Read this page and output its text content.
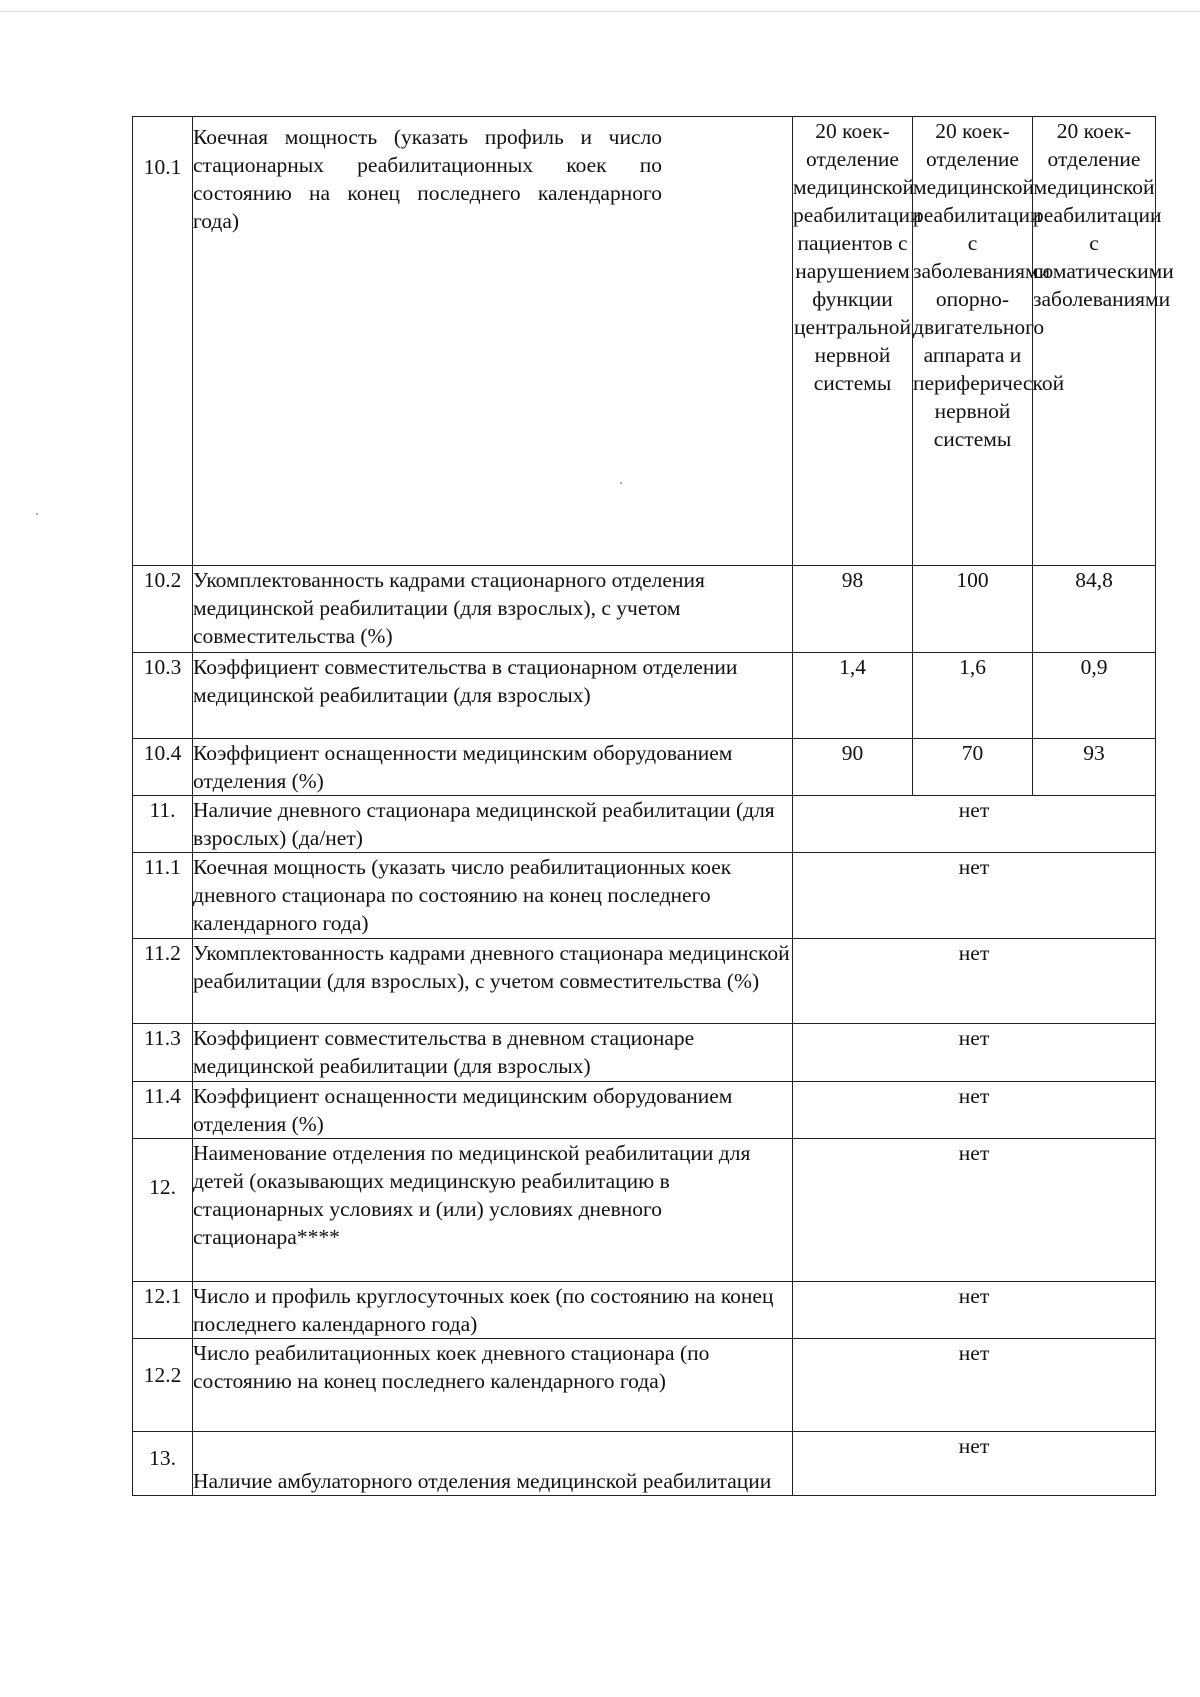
10.1	Коечная мощность (указать профиль и число стационарных реабилитационных коек по состоянию на конец последнего календарного года)	20 коек-отделение медицинской реабилитации пациентов с нарушением функции центральной нервной системы	20 коек-отделение медицинской реабилитации с заболеваниями опорно-двигательного аппарата и периферической нервной системы	20 коек-отделение медицинской реабилитации с соматическими заболеваниями
10.2	Укомплектованность кадрами стационарного отделения медицинской реабилитации (для взрослых), с учетом совместительства (%)	98	100	84,8
10.3	Коэффициент совместительства в стационарном отделении медицинской реабилитации (для взрослых)	1,4	1,6	0,9
10.4	Коэффициент оснащенности медицинским оборудованием отделения (%)	90	70	93
11.	Наличие дневного стационара медицинской реабилитации (для взрослых) (да/нет)	нет		
11.1	Коечная мощность (указать число реабилитационных коек дневного стационара по состоянию на конец последнего календарного года)	нет		
11.2	Укомплектованность кадрами дневного стационара медицинской реабилитации (для взрослых), с учетом совместительства (%)	нет		
11.3	Коэффициент совместительства в дневном стационаре медицинской реабилитации (для взрослых)	нет		
11.4	Коэффициент оснащенности медицинским оборудованием отделения (%)	нет		
12.	Наименование отделения по медицинской реабилитации для детей (оказывающих медицинскую реабилитацию в стационарных условиях и (или) условиях дневного стационара****	нет		
12.1	Число и профиль круглосуточных коек (по состоянию на конец последнего календарного года)	нет		
12.2	Число реабилитационных коек дневного стационара (по состоянию на конец последнего календарного года)	нет		
13.	Наличие амбулаторного отделения медицинской реабилитации	нет		
